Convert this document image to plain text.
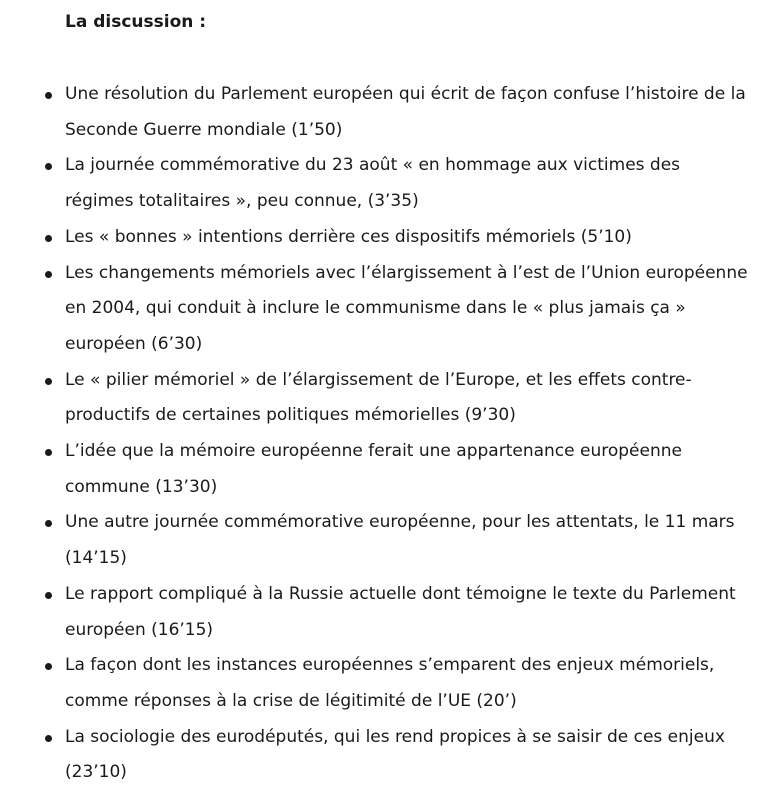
La discussion :

Une résolution du Parlement européen qui écrit de façon confuse l’histoire de la Seconde Guerre mondiale (1’50)
La journée commémorative du 23 août « en hommage aux victimes des régimes totalitaires », peu connue, (3’35)
Les « bonnes » intentions derrière ces dispositifs mémoriels (5’10)
Les changements mémoriels avec l’élargissement à l’est de l’Union européenne en 2004, qui conduit à inclure le communisme dans le « plus jamais ça » européen (6’30)
Le « pilier mémoriel » de l’élargissement de l’Europe, et les effets contre-productifs de certaines politiques mémorielles (9’30)
L’idée que la mémoire européenne ferait une appartenance européenne commune (13’30)
Une autre journée commémorative européenne, pour les attentats, le 11 mars (14’15)
Le rapport compliqué à la Russie actuelle dont témoigne le texte du Parlement européen (16’15)
La façon dont les instances européennes s’emparent des enjeux mémoriels, comme réponses à la crise de légitimité de l’UE (20’)
La sociologie des eurodéputés, qui les rend propices à se saisir de ces enjeux (23’10)
